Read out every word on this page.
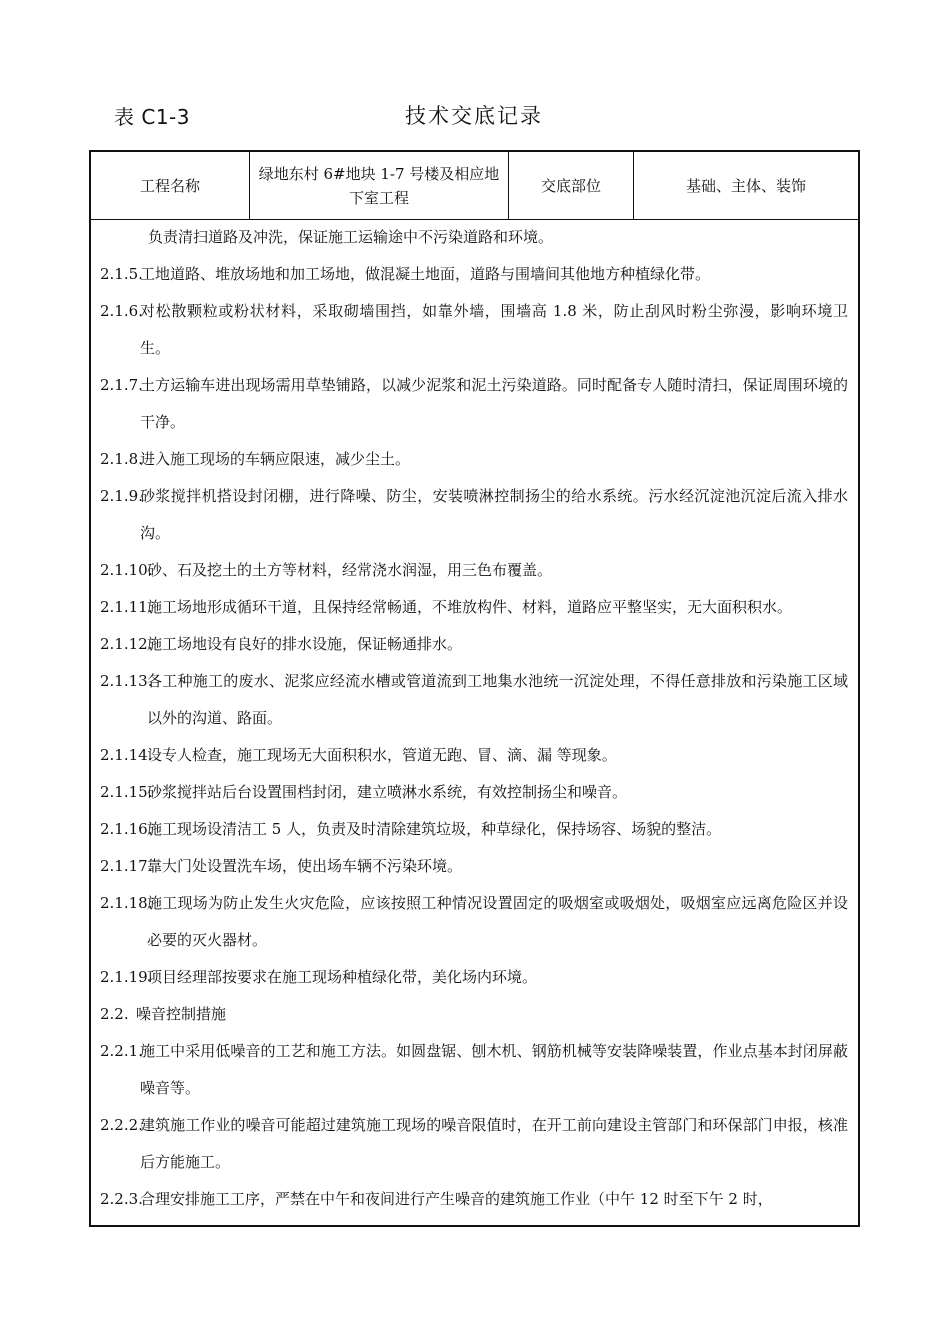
表 C1-3	技术交底记录
工程名称
绿地东村 6#地块 1-7 号楼及相应地下室工程
交底部位	基础、主体、装饰
负责清扫道路及冲洗，保证施工运输途中不污染道路和环境。
2.1.5.
工地道路、堆放场地和加工场地，做混凝土地面，道路与围墙间其他地方种植绿化带。
2.1.6.
对松散颗粒或粉状材料，采取砌墙围挡，如靠外墙，围墙高 1.8 米，防止刮风时粉尘弥漫，影响环境卫生。
2.1.7.
土方运输车进出现场需用草垫铺路，以减少泥浆和泥土污染道路。同时配备专人随时清扫，保证周围环境的干净。
2.1.8.
进入施工现场的车辆应限速，减少尘土。
2.1.9.
砂浆搅拌机搭设封闭棚，进行降噪、防尘，安装喷淋控制扬尘的给水系统。污水经沉淀池沉淀后流入排水沟。
2.1.10.
砂、石及挖土的土方等材料，经常浇水润湿，用三色布覆盖。
2.1.11.
施工场地形成循环干道，且保持经常畅通，不堆放构件、材料，道路应平整坚实，无大面积积水。
2.1.12.
施工场地设有良好的排水设施，保证畅通排水。
2.1.13.
各工种施工的废水、泥浆应经流水槽或管道流到工地集水池统一沉淀处理，不得任意排放和污染施工区域以外的沟道、路面。
2.1.14.
设专人检查，施工现场无大面积积水，管道无跑、冒、滴、漏 等现象。
2.1.15.
砂浆搅拌站后台设置围档封闭，建立喷淋水系统，有效控制扬尘和噪音。
2.1.16.
施工现场设清洁工 5 人，负责及时清除建筑垃圾，种草绿化，保持场容、场貌的整洁。
2.1.17.
靠大门处设置洗车场，使出场车辆不污染环境。
2.1.18.
施工现场为防止发生火灾危险，应该按照工种情况设置固定的吸烟室或吸烟处，吸烟室应远离危险区并设必要的灭火器材。
2.1.19.
项目经理部按要求在施工现场种植绿化带，美化场内环境。
2.2. 噪音控制措施
2.2.1.
施工中采用低噪音的工艺和施工方法。如圆盘锯、刨木机、钢筋机械等安装降噪装置，作业点基本封闭屏蔽噪音等。
2.2.2.
建筑施工作业的噪音可能超过建筑施工现场的噪音限值时，在开工前向建设主管部门和环保部门申报，核准后方能施工。
2.2.3.
合理安排施工工序，严禁在中午和夜间进行产生噪音的建筑施工作业（中午 12 时至下午 2 时，
